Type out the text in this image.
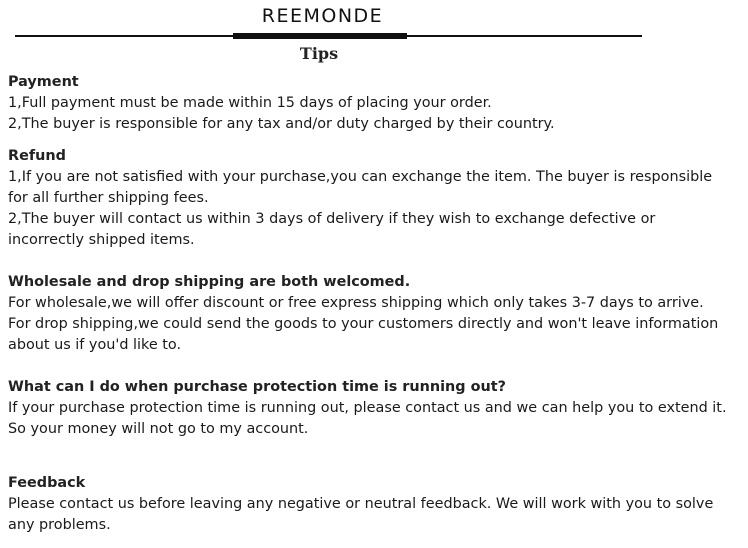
REEMONDE
Tips
Payment
1,Full payment must be made within 15 days of placing your order.
2,The buyer is responsible for any tax and/or duty charged by their country.
Refund
1,If you are not satisfied with your purchase,you can exchange the item. The buyer is responsible
for all further shipping fees.
2,The buyer will contact us within 3 days of delivery if they wish to exchange defective or
incorrectly shipped items.
Wholesale and drop shipping are both welcomed.
For wholesale,we will offer discount or free express shipping which only takes 3-7 days to arrive.
For drop shipping,we could send the goods to your customers directly and won't leave information
about us if you'd like to.
What can I do when purchase protection time is running out?
If your purchase protection time is running out, please contact us and we can help you to extend it.
So your money will not go to my account.
Feedback
Please contact us before leaving any negative or neutral feedback. We will work with you to solve
any problems.
